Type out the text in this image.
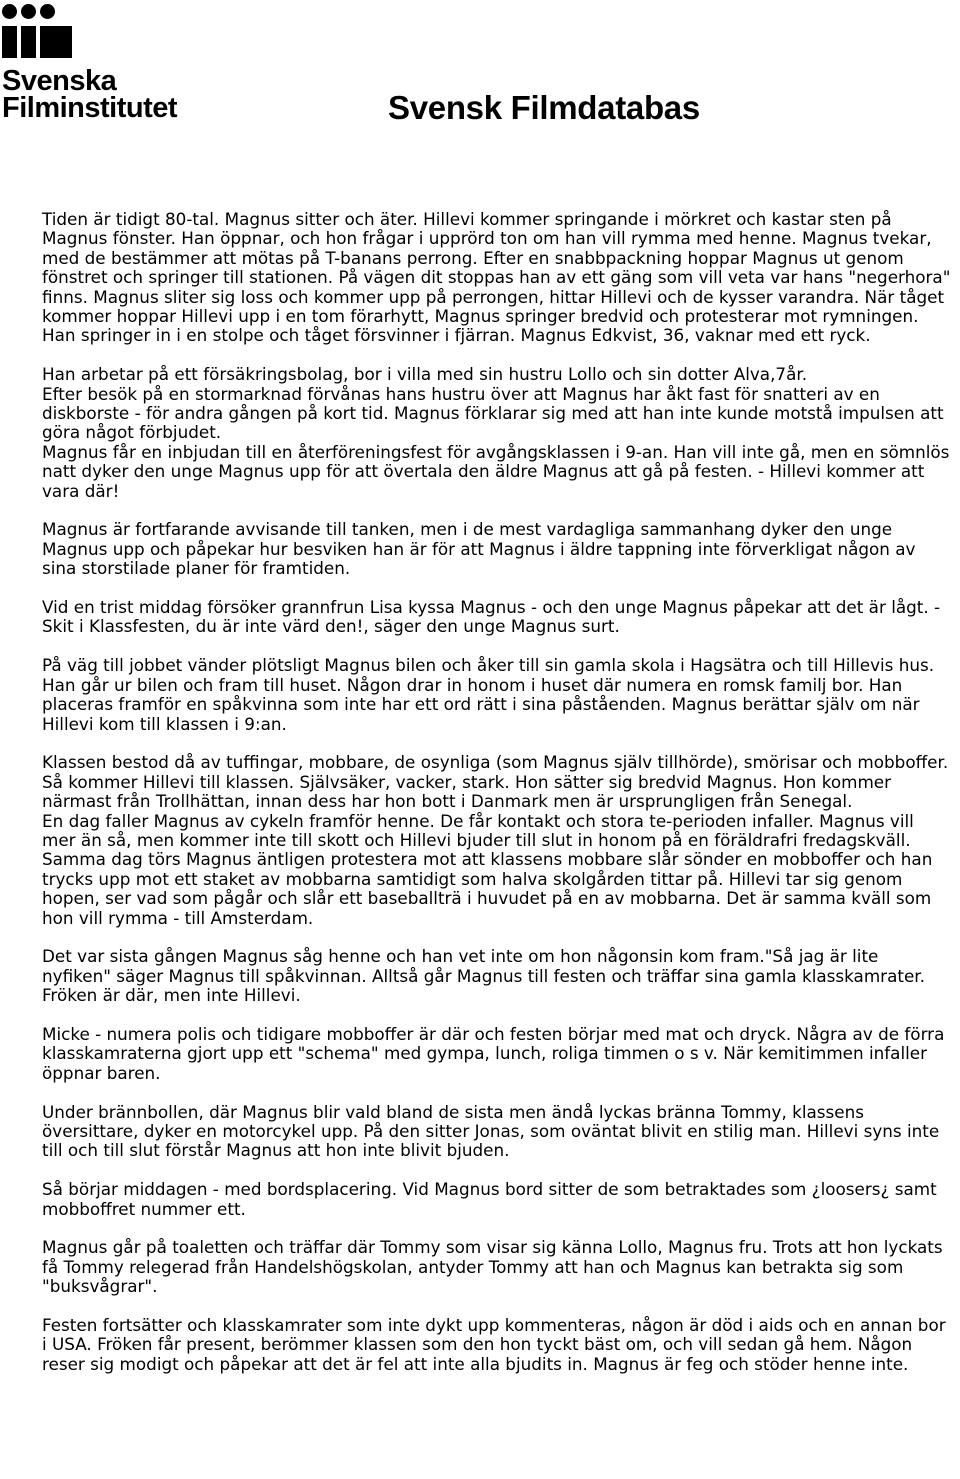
Svenska
Filminstitutet	Svensk Filmdatabas

Tiden är tidigt 80-tal. Magnus sitter och äter. Hillevi kommer springande i mörkret och kastar sten på Magnus fönster. Han öppnar, och hon frågar i upprörd ton om han vill rymma med henne. Magnus tvekar, med de bestämmer att mötas på T-banans perrong. Efter en snabbpackning hoppar Magnus ut genom fönstret och springer till stationen. På vägen dit stoppas han av ett gäng som vill veta var hans "negerhora" finns. Magnus sliter sig loss och kommer upp på perrongen, hittar Hillevi och de kysser varandra. När tåget kommer hoppar Hillevi upp i en tom förarhytt, Magnus springer bredvid och protesterar mot rymningen. Han springer in i en stolpe och tåget försvinner i fjärran. Magnus Edkvist, 36, vaknar med ett ryck.

Han arbetar på ett försäkringsbolag, bor i villa med sin hustru Lollo och sin dotter Alva,7år.
Efter besök på en stormarknad förvånas hans hustru över att Magnus har åkt fast för snatteri av en diskborste - för andra gången på kort tid. Magnus förklarar sig med att han inte kunde motstå impulsen att göra något förbjudet.
Magnus får en inbjudan till en återföreningsfest för avgångsklassen i 9-an. Han vill inte gå, men en sömnlös natt dyker den unge Magnus upp för att övertala den äldre Magnus att gå på festen. - Hillevi kommer att vara där!

Magnus är fortfarande avvisande till tanken, men i de mest vardagliga sammanhang dyker den unge Magnus upp och påpekar hur besviken han är för att Magnus i äldre tappning inte förverkligat någon av sina storstilade planer för framtiden.

Vid en trist middag försöker grannfrun Lisa kyssa Magnus - och den unge Magnus påpekar att det är lågt. -Skit i Klassfesten, du är inte värd den!, säger den unge Magnus surt.

På väg till jobbet vänder plötsligt Magnus bilen och åker till sin gamla skola i Hagsätra och till Hillevis hus. Han går ur bilen och fram till huset. Någon drar in honom i huset där numera en romsk familj bor. Han placeras framför en spåkvinna som inte har ett ord rätt i sina påståenden. Magnus berättar själv om när Hillevi kom till klassen i 9:an.

Klassen bestod då av tuffingar, mobbare, de osynliga (som Magnus själv tillhörde), smörisar och mobboffer. Så kommer Hillevi till klassen. Självsäker, vacker, stark. Hon sätter sig bredvid Magnus. Hon kommer närmast från Trollhättan, innan dess har hon bott i Danmark men är ursprungligen från Senegal.
En dag faller Magnus av cykeln framför henne. De får kontakt och stora te-perioden infaller. Magnus vill mer än så, men kommer inte till skott och Hillevi bjuder till slut in honom på en föräldrafri fredagskväll.
Samma dag törs Magnus äntligen protestera mot att klassens mobbare slår sönder en mobboffer och han trycks upp mot ett staket av mobbarna samtidigt som halva skolgården tittar på. Hillevi tar sig genom hopen, ser vad som pågår och slår ett baseballträ i huvudet på en av mobbarna. Det är samma kväll som hon vill rymma - till Amsterdam.

Det var sista gången Magnus såg henne och han vet inte om hon någonsin kom fram."Så jag är lite nyfiken" säger Magnus till spåkvinnan. Alltså går Magnus till festen och träffar sina gamla klasskamrater. Fröken är där, men inte Hillevi.

Micke - numera polis och tidigare mobboffer är där och festen börjar med mat och dryck. Några av de förra klasskamraterna gjort upp ett "schema" med gympa, lunch, roliga timmen o s v. När kemitimmen infaller öppnar baren.

Under brännbollen, där Magnus blir vald bland de sista men ändå lyckas bränna Tommy, klassens översittare, dyker en motorcykel upp. På den sitter Jonas, som oväntat blivit en stilig man. Hillevi syns inte till och till slut förstår Magnus att hon inte blivit bjuden.

Så börjar middagen - med bordsplacering. Vid Magnus bord sitter de som betraktades som ¿loosers¿ samt mobboffret nummer ett.

Magnus går på toaletten och träffar där Tommy som visar sig känna Lollo, Magnus fru. Trots att hon lyckats få Tommy relegerad från Handelshögskolan, antyder Tommy att han och Magnus kan betrakta sig som "buksvågrar".

Festen fortsätter och klasskamrater som inte dykt upp kommenteras, någon är död i aids och en annan bor i USA. Fröken får present, berömmer klassen som den hon tyckt bäst om, och vill sedan gå hem. Någon reser sig modigt och påpekar att det är fel att inte alla bjudits in. Magnus är feg och stöder henne inte.
